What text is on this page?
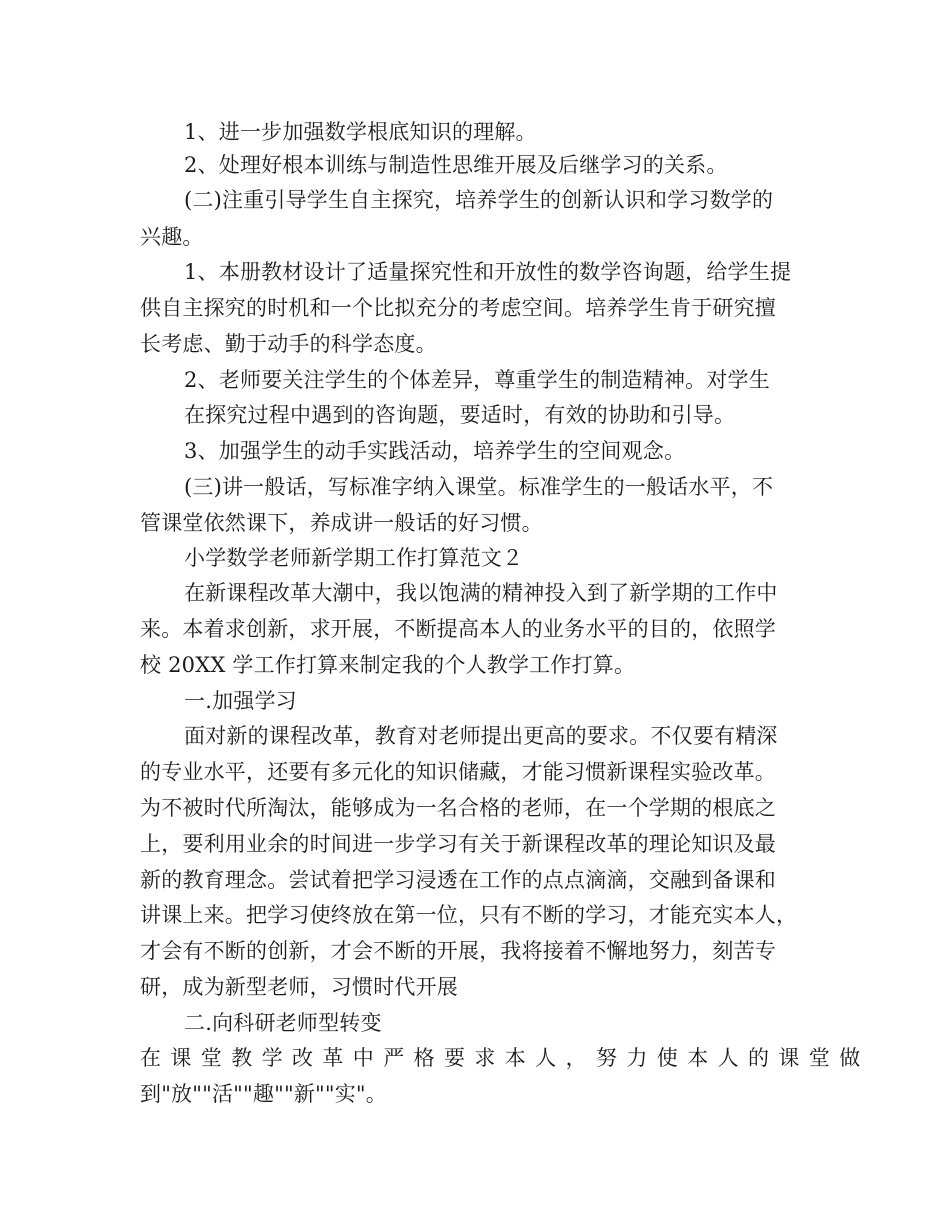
1、进一步加强数学根底知识的理解。
2、处理好根本训练与制造性思维开展及后继学习的关系。
(二)注重引导学生自主探究，培养学生的创新认识和学习数学的
兴趣。
1、本册教材设计了适量探究性和开放性的数学咨询题，给学生提
供自主探究的时机和一个比拟充分的考虑空间。培养学生肯于研究擅
长考虑、勤于动手的科学态度。
2、老师要关注学生的个体差异，尊重学生的制造精神。对学生
在探究过程中遇到的咨询题，要适时，有效的协助和引导。
3、加强学生的动手实践活动，培养学生的空间观念。
(三)讲一般话，写标准字纳入课堂。标准学生的一般话水平，不
管课堂依然课下，养成讲一般话的好习惯。
小学数学老师新学期工作打算范文２
在新课程改革大潮中，我以饱满的精神投入到了新学期的工作中
来。本着求创新，求开展，不断提高本人的业务水平的目的，依照学
校 20XX 学工作打算来制定我的个人教学工作打算。
一.加强学习
面对新的课程改革，教育对老师提出更高的要求。不仅要有精深
的专业水平，还要有多元化的知识储藏，才能习惯新课程实验改革。
为不被时代所淘汰，能够成为一名合格的老师，在一个学期的根底之
上，要利用业余的时间进一步学习有关于新课程改革的理论知识及最
新的教育理念。尝试着把学习浸透在工作的点点滴滴，交融到备课和
讲课上来。把学习使终放在第一位，只有不断的学习，才能充实本人，
才会有不断的创新，才会不断的开展，我将接着不懈地努力，刻苦专
研，成为新型老师，习惯时代开展
二.向科研老师型转变
在课堂教学改革中严格要求本人，努力使本人的课堂做
到"放""活""趣""新""实"。
